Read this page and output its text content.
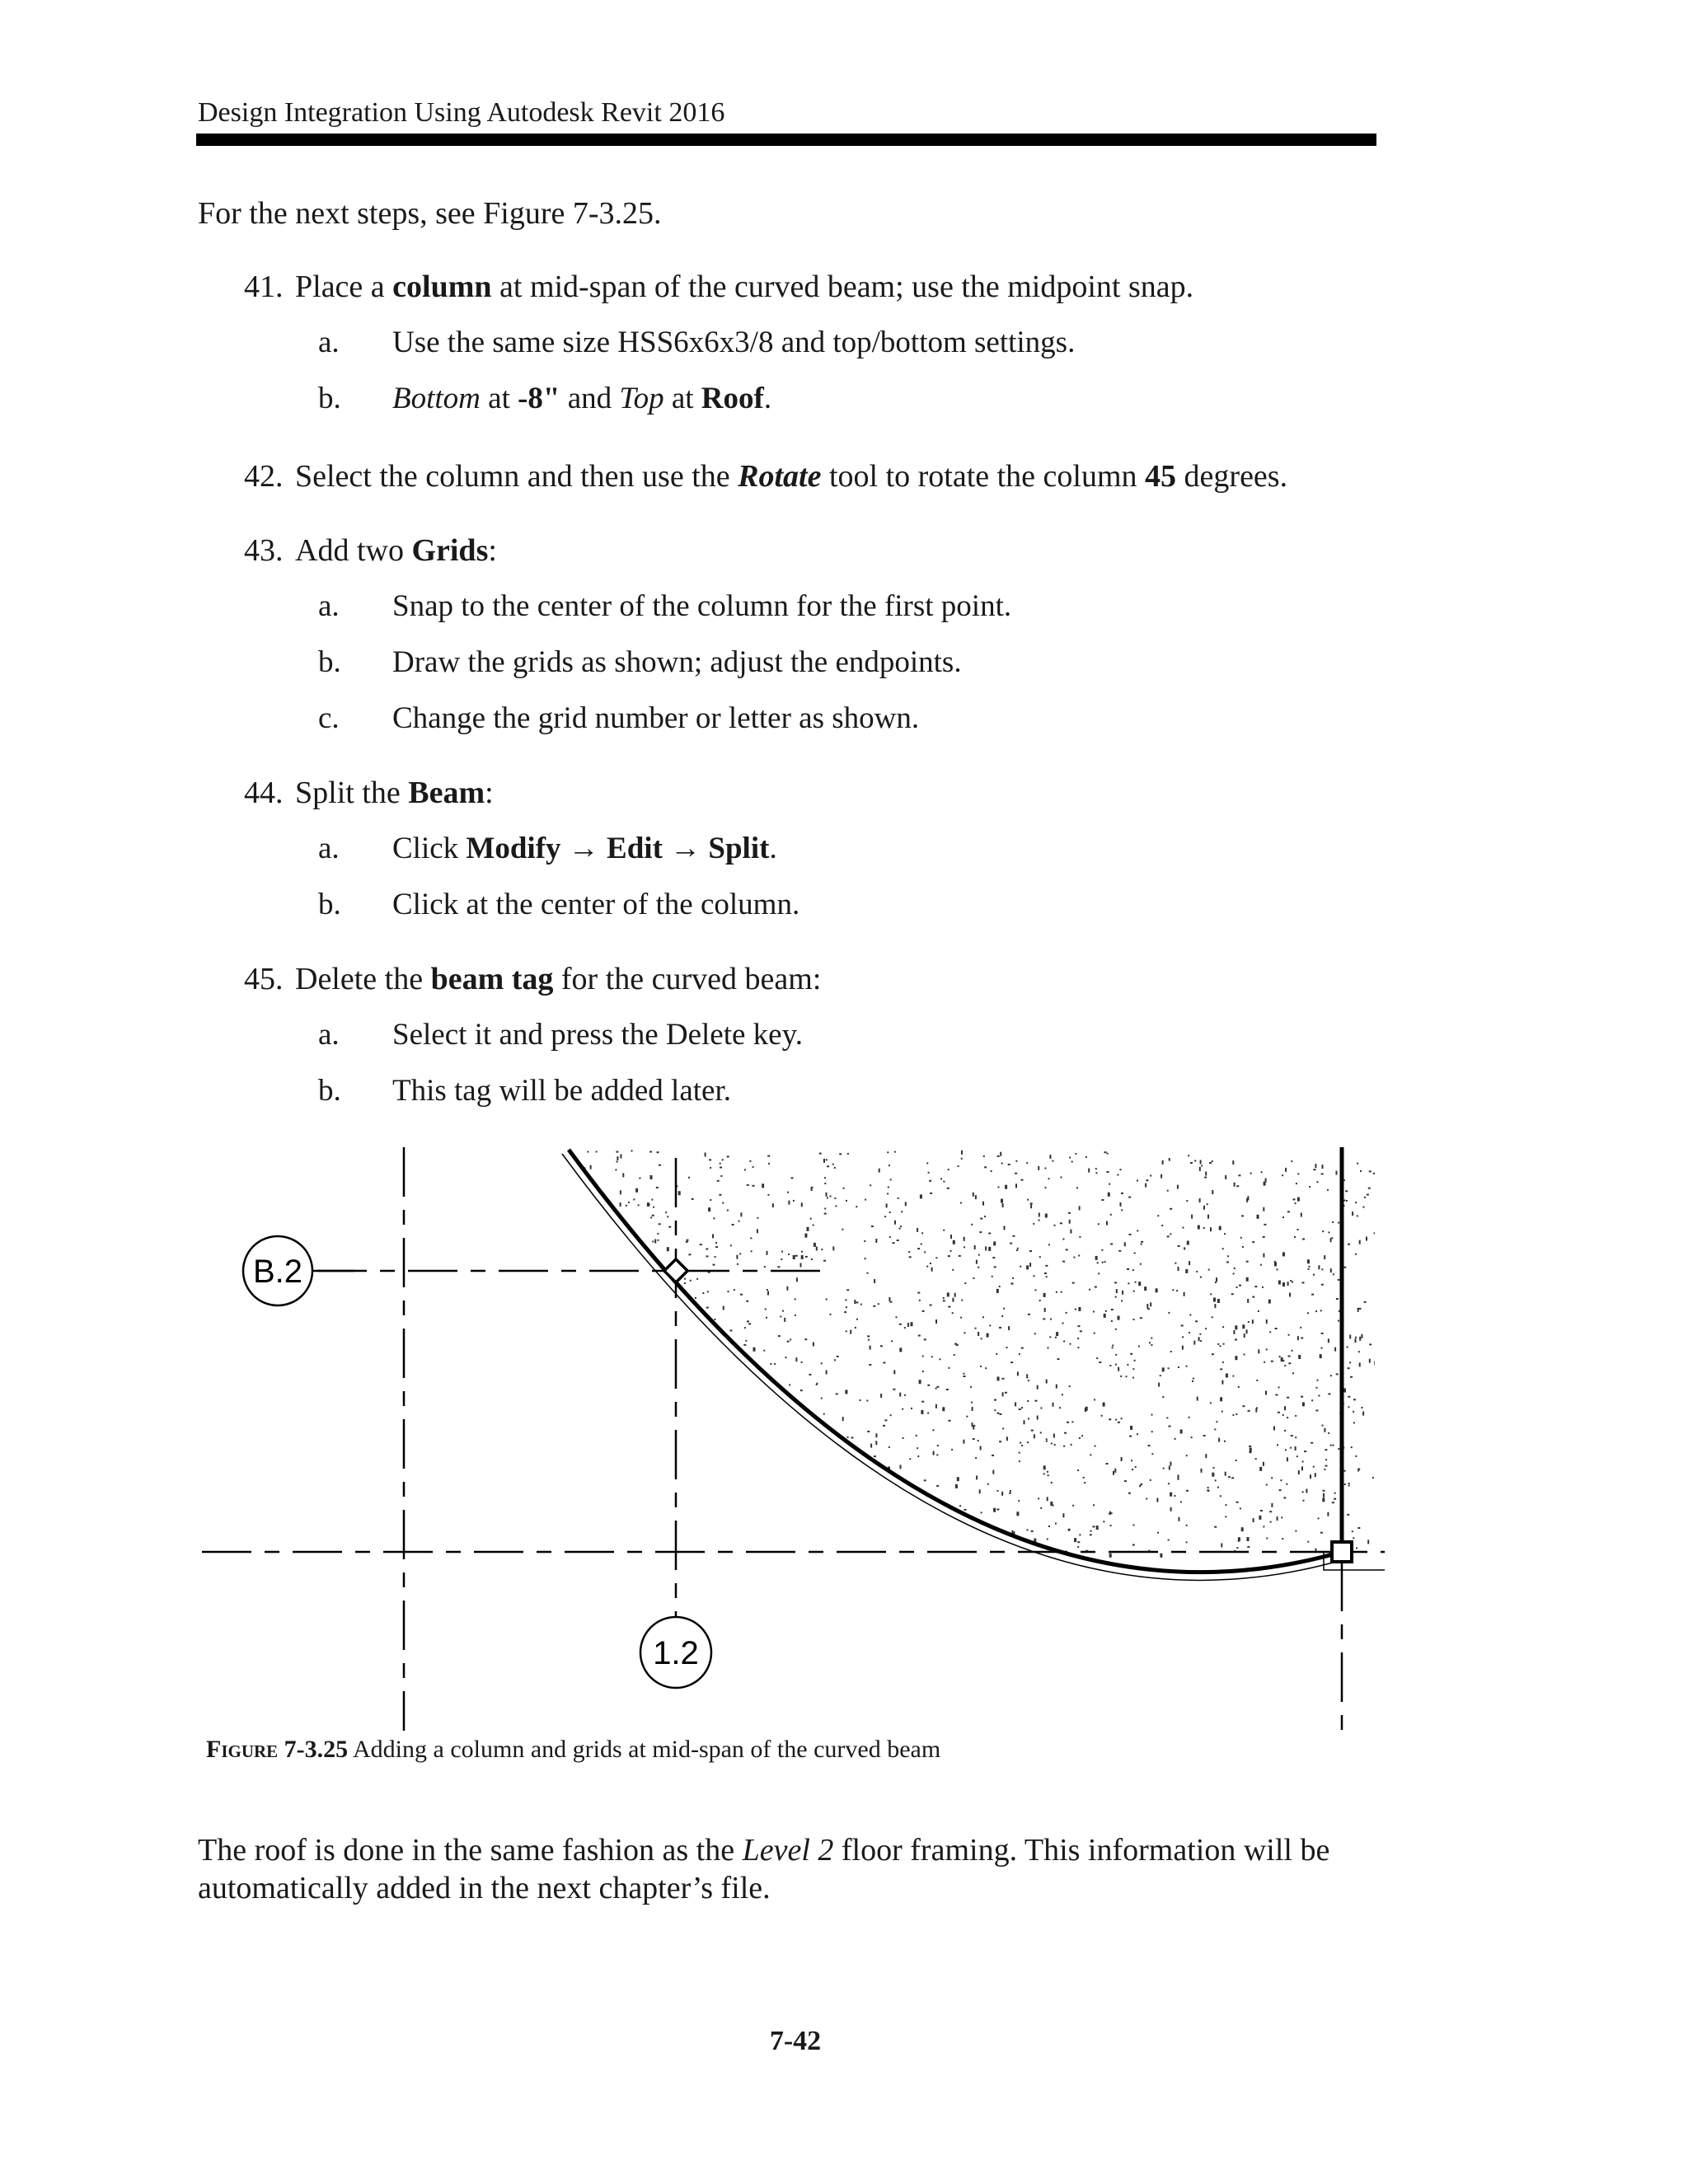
Design Integration Using Autodesk Revit 2016
For the next steps, see Figure 7-3.25.
41. Place a column at mid-span of the curved beam; use the midpoint snap.
a. Use the same size HSS6x6x3/8 and top/bottom settings.
b. Bottom at -8" and Top at Roof.
42. Select the column and then use the Rotate tool to rotate the column 45 degrees.
43. Add two Grids:
a. Snap to the center of the column for the first point.
b. Draw the grids as shown; adjust the endpoints.
c. Change the grid number or letter as shown.
44. Split the Beam:
a. Click Modify → Edit → Split.
b. Click at the center of the column.
45. Delete the beam tag for the curved beam:
a. Select it and press the Delete key.
b. This tag will be added later.
B.2
1.2
Figure 7-3.25 Adding a column and grids at mid-span of the curved beam
The roof is done in the same fashion as the Level 2 floor framing. This information will be automatically added in the next chapter’s file.
7-42
